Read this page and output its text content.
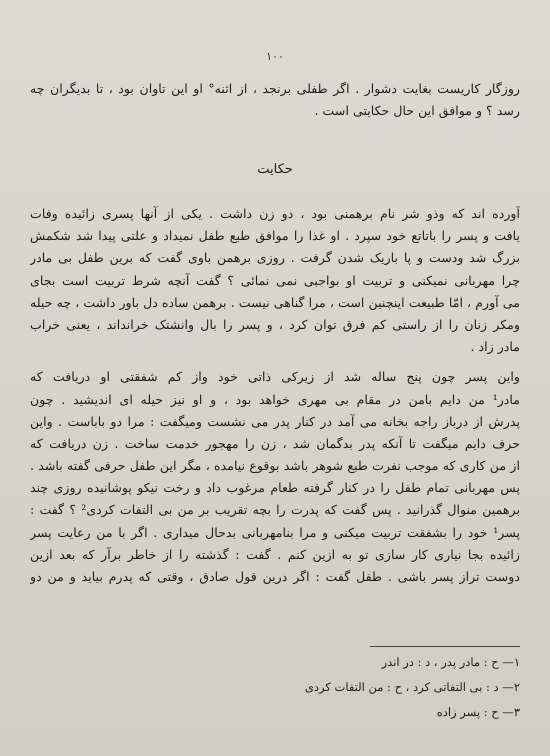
۱۰۰
روزگار کاریست بغایت دشوار . اگر طفلی برنجد ، از اثنه° او این تاوان بود ، تا بدیگران چه
رسد ؟ و موافق این حال حکایتی است .
حکایت
آورده اند که وذو شر نام برهمنی بود ، دو زن داشت . یکی از آنها پسری زائیده وفات
یافت و پسر را باتاتع خود سپرد . او غذا را موافق طبع طفل نمیداد و علتی پیدا شد شکمش
بزرگ شد ودست و پا باریک شدن گرفت . روزی برهمن باوی گفت که برین طفل بی مادر
چرا مهربانی نمیکنی و تربیت او بواجبی نمی نمائی ؟ گفت آنچه شرط تربیت است بجای
می آورم ، امّا طبیعت اینچنین است ، مرا گناهی نیست . برهمن ساده دل باور داشت ، چه حیله
ومکر زنان را از راستی کم فرق توان کرد ، و پسر را بال وانشتک خرانداند ، یعنی خراب
مادر زاد .
واین پسر چون پنج ساله شد از زیرکی ذاتی خود واز کم شفقتی او دریافت که
مادر¹ من دایم بامن در مقام بی مهری خواهد بود ، و او نیز حیله ای اندیشید . چون
پدرش از درباز راجه بخانه می آمد در کنار پدر می نشست ومیگفت : مرا دو باباست . واین
حرف دایم میگفت تا آنکه پدر بدگمان شد ، زن را مهجور خدمت ساخت . زن دریافت که
از من کاری که موجب نفرت طبع شوهر باشد بوقوع نیامده ، مگر این طفل حرفی گفته باشد .
پس مهربانی تمام طفل را در کنار گرفته طعام مرغوب داد و رخت نیکو پوشانیده روزی چند
برهمین منوال گذرانید . پس گفت که پدرت را بچه تقریب بر من بی التفات کردی² ؟ گفت :
پسر¹ خود را بشفقت تربیت میکنی و مرا بنامهربانی بدحال میداری . اگر با من رعایت پسر
زائیده بجا نیاری کار سازی تو به ازین کنم . گفت : گذشته را از خاطر برآر که بعد ازین
دوست تراز پسر باشی . طفل گفت : اگر درین قول صادق ، وقتی که پدرم بیاید و من دو
۱— ح : مادر پدر ، د : در اندر
۲— د : بی التفاتی کرد ، ح : من التفات کردی
۳— ح : پسر زاده
